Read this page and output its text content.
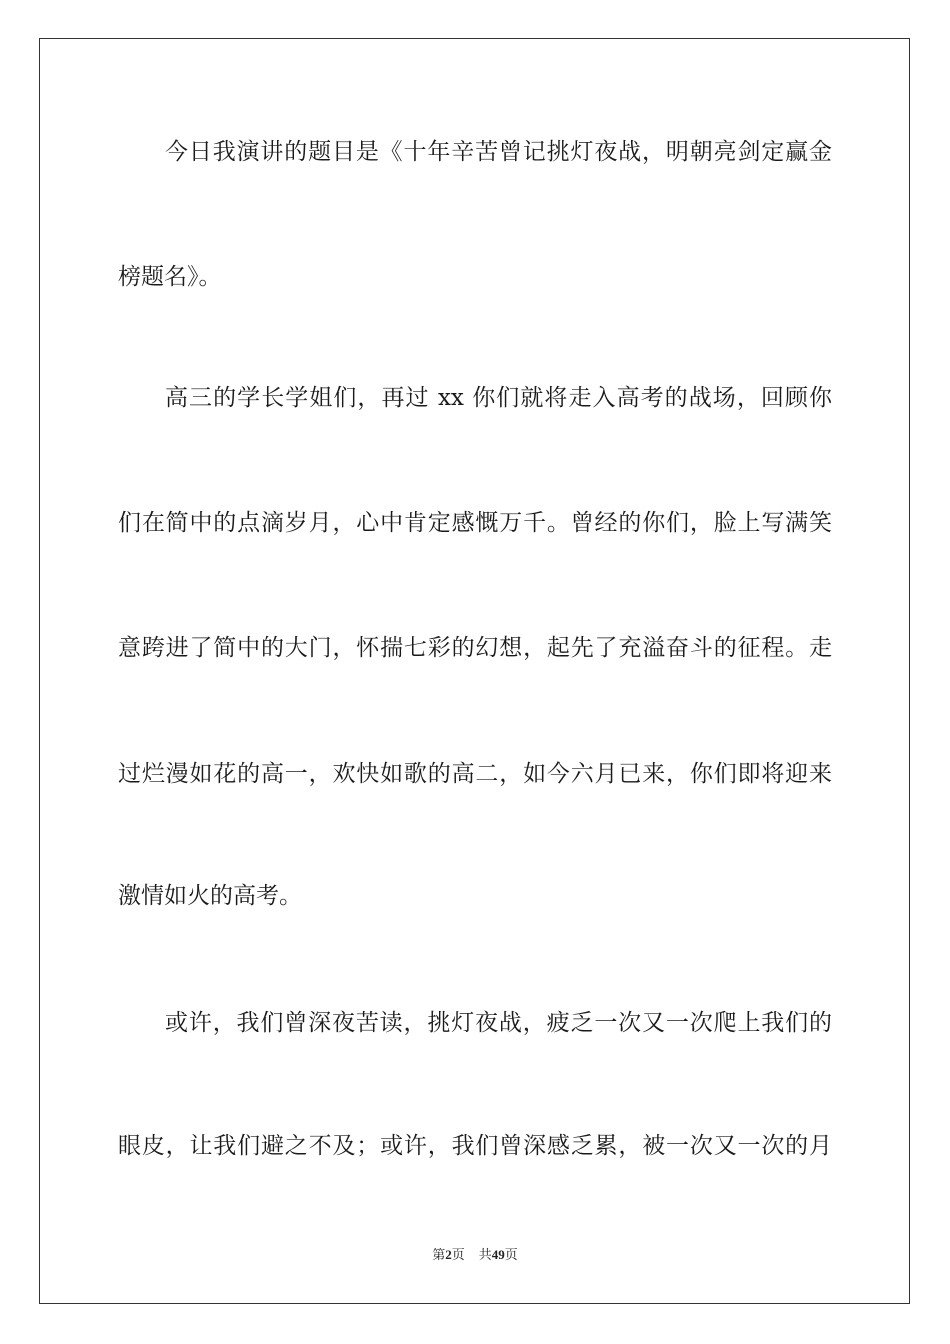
今日我演讲的题目是《十年辛苦曾记挑灯夜战，明朝亮剑定赢金
榜题名》。
高三的学长学姐们，再过 xx 你们就将走入高考的战场，回顾你
们在简中的点滴岁月，心中肯定感慨万千。曾经的你们，脸上写满笑
意跨进了简中的大门，怀揣七彩的幻想，起先了充溢奋斗的征程。走
过烂漫如花的高一，欢快如歌的高二，如今六月已来，你们即将迎来
激情如火的高考。
或许，我们曾深夜苦读，挑灯夜战，疲乏一次又一次爬上我们的
眼皮，让我们避之不及；或许，我们曾深感乏累，被一次又一次的月
第2页 共49页
